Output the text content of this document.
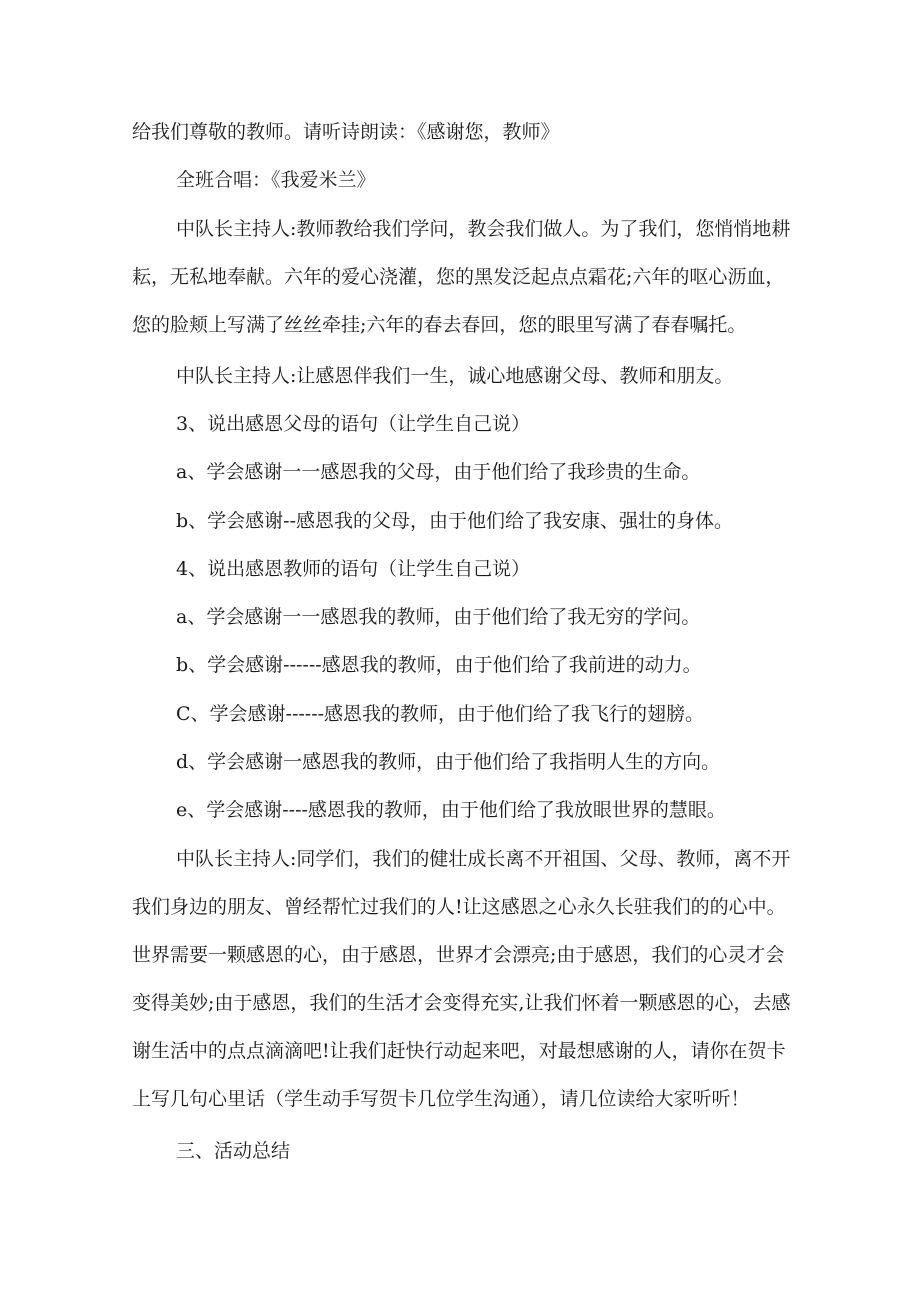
给我们尊敬的教师。请听诗朗读：《感谢您，教师》

全班合唱：《我爱米兰》

中队长主持人:教师教给我们学问，教会我们做人。为了我们，您悄悄地耕耘，无私地奉献。六年的爱心浇灌，您的黑发泛起点点霜花;六年的呕心沥血，您的脸颊上写满了丝丝牵挂;六年的春去春回，您的眼里写满了春春嘱托。

中队长主持人:让感恩伴我们一生，诚心地感谢父母、教师和朋友。

3、说出感恩父母的语句（让学生自己说）

a、学会感谢一一感恩我的父母，由于他们给了我珍贵的生命。

b、学会感谢--感恩我的父母，由于他们给了我安康、强壮的身体。

4、说出感恩教师的语句（让学生自己说）

a、学会感谢一一感恩我的教师，由于他们给了我无穷的学问。

b、学会感谢------感恩我的教师，由于他们给了我前进的动力。

C、学会感谢------感恩我的教师，由于他们给了我飞行的翅膀。

d、学会感谢一感恩我的教师，由于他们给了我指明人生的方向。

e、学会感谢----感恩我的教师，由于他们给了我放眼世界的慧眼。

中队长主持人:同学们，我们的健壮成长离不开祖国、父母、教师，离不开我们身边的朋友、曾经帮忙过我们的人!让这感恩之心永久长驻我们的的心中。世界需要一颗感恩的心，由于感恩，世界才会漂亮;由于感恩，我们的心灵才会变得美妙;由于感恩，我们的生活才会变得充实,让我们怀着一颗感恩的心，去感谢生活中的点点滴滴吧!让我们赶快行动起来吧，对最想感谢的人，请你在贺卡上写几句心里话（学生动手写贺卡几位学生沟通），请几位读给大家听听！

三、活动总结
